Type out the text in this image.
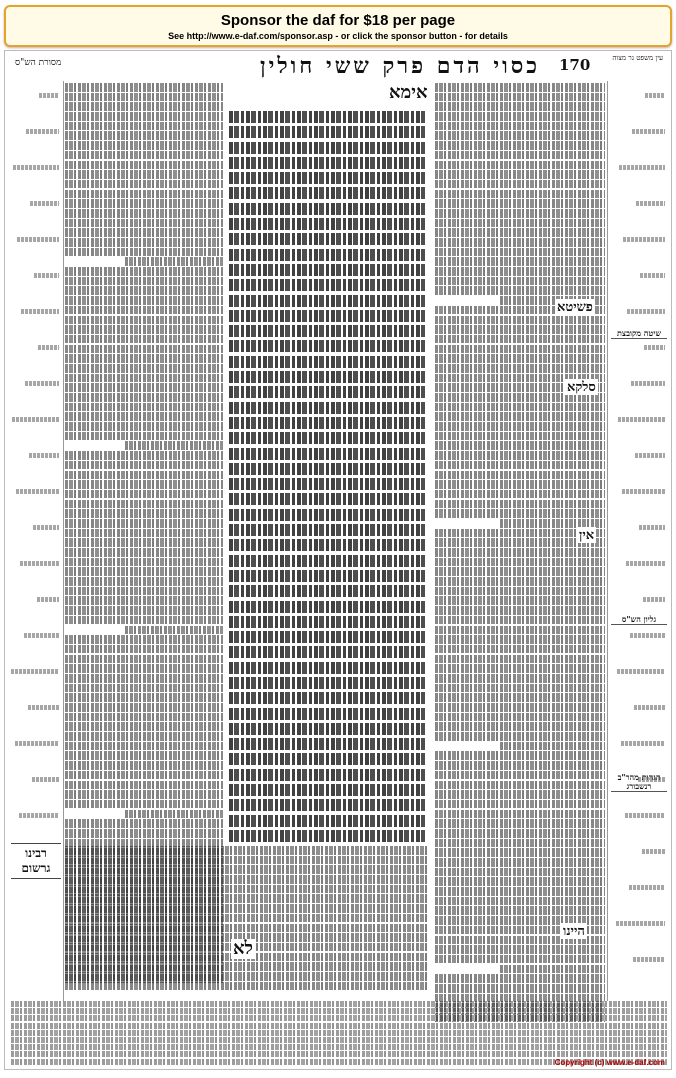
Sponsor the daf for $18 per page
See http://www.e-daf.com/sponsor.asp - or click the sponsor button - for details
מסורת הש"ס	כסוי הדם פרק ששי חולין	170	עין משפט נר מצוה
אימא
לא
פשיטא
סלקא
אין
היינו
שיטה מקובצת
גליון הש"ס
הגהות מהר"ב רנשבורג
רבינו גרשום
Copyright (c) www.e-daf.com
